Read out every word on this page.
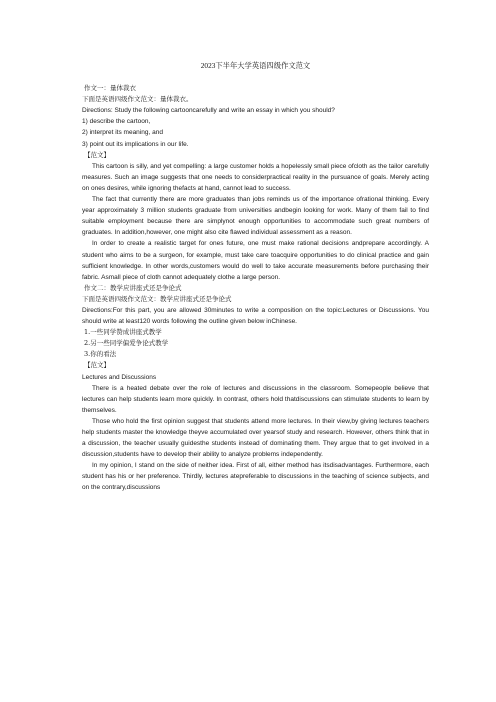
2023下半年大学英语四级作文范文

作文一：量体裁衣

下面是英语四级作文范文：量体裁衣。

Directions: Study the following cartooncarefully and write an essay in which you should?

1) describe the cartoon,

2) interpret its meaning, and

3) point out its implications in our life.

【范文】

This cartoon is silly, and yet compelling: a large customer holds a hopelessly small piece ofcloth as the tailor carefully measures. Such an image suggests that one needs to considerpractical reality in the pursuance of goals. Merely acting on ones desires, while ignoring thefacts at hand, cannot lead to success.

The fact that currently there are more graduates than jobs reminds us of the importance ofrational thinking. Every year approximately 3 million students graduate from universities andbegin looking for work. Many of them fail to find suitable employment because there are simplynot enough opportunities to accommodate such great numbers of graduates. In addition,however, one might also cite flawed individual assessment as a reason.

In order to create a realistic target for ones future, one must make rational decisions andprepare accordingly. A student who aims to be a surgeon, for example, must take care toacquire opportunities to do clinical practice and gain sufficient knowledge. In other words,customers would do well to take accurate measurements before purchasing their fabric. Asmall piece of cloth cannot adequately clothe a large person.

作文二：教学应讲座式还是争论式

下面是英语四级作文范文：教学应讲座式还是争论式

Directions:For this part, you are allowed 30minutes to write a composition on the topic:Lectures or Discussions. You should write at least120 words following the outline given below inChinese.

1.一些同学赞成讲座式教学

2.另一些同学偏爱争论式教学

3.你的看法

【范文】

Lectures and Discussions

There is a heated debate over the role of lectures and discussions in the classroom. Somepeople believe that lectures can help students learn more quickly. In contrast, others hold thatdiscussions can stimulate students to learn by themselves.

Those who hold the first opinion suggest that students attend more lectures. In their view,by giving lectures teachers help students master the knowledge theyve accumulated over yearsof study and research. However, others think that in a discussion, the teacher usually guidesthe students instead of dominating them. They argue that to get involved in a discussion,students have to develop their ability to analyze problems independently.

In my opinion, I stand on the side of neither idea. First of all, either method has itsdisadvantages. Furthermore, each student has his or her preference. Thirdly, lectures atepreferable to discussions in the teaching of science subjects, and on the contrary,discussions
